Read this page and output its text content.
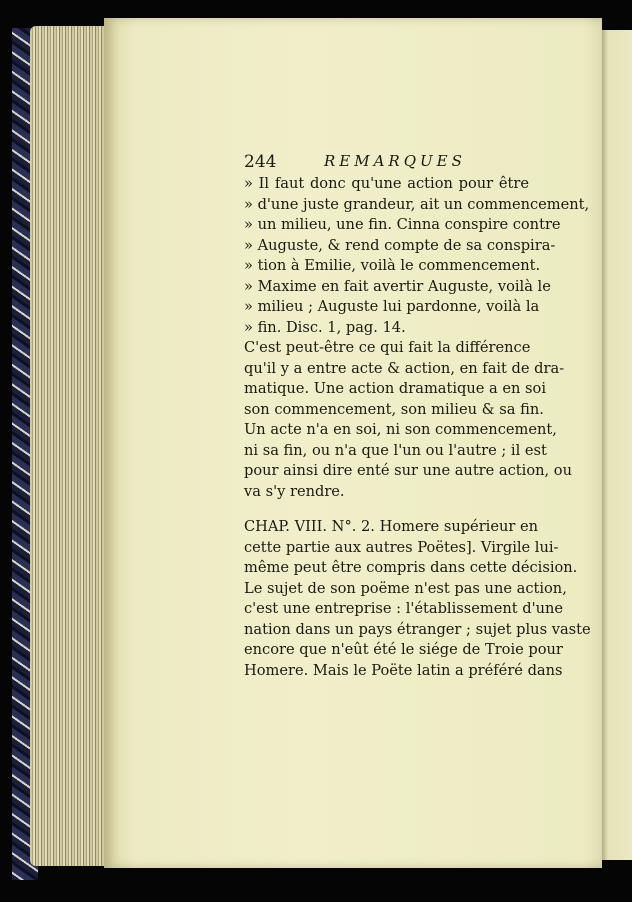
244	REMARQUES
» Il faut donc qu'une action pour être
» d'une juste grandeur, ait un commencement,
» un milieu, une fin. Cinna conspire contre
» Auguste, & rend compte de sa conspira-
» tion à Emilie, voilà le commencement.
» Maxime en fait avertir Auguste, voilà le
» milieu ; Auguste lui pardonne, voilà la
» fin. Disc. 1, pag. 14.
C'est peut-être ce qui fait la différence
qu'il y a entre acte & action, en fait de dra-
matique. Une action dramatique a en soi
son commencement, son milieu & sa fin.
Un acte n'a en soi, ni son commencement,
ni sa fin, ou n'a que l'un ou l'autre ; il est
pour ainsi dire enté sur une autre action, ou
va s'y rendre.
CHAP. VIII. N°. 2. Homere supérieur en
cette partie aux autres Poëtes]. Virgile lui-
même peut être compris dans cette décision.
Le sujet de son poëme n'est pas une action,
c'est une entreprise : l'établissement d'une
nation dans un pays étranger ; sujet plus vaste
encore que n'eût été le siége de Troie pour
Homere. Mais le Poëte latin a préféré dans
